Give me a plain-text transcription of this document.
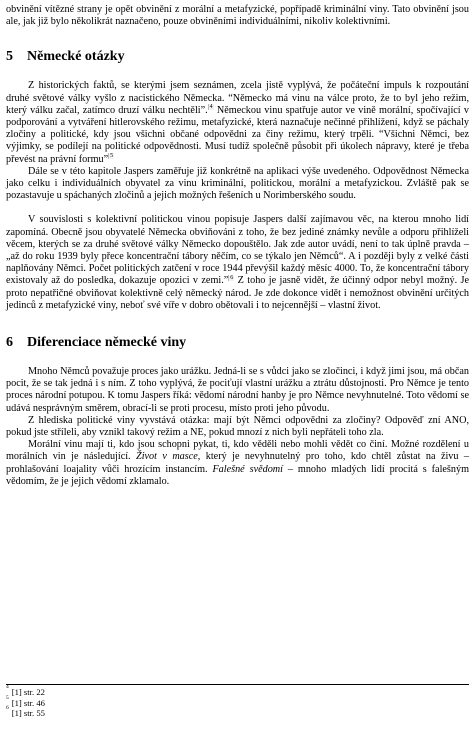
obvinění vítězné strany je opět obvinění z morální a metafyzické, popřípadě kriminální viny. Tato obvinění jsou ale, jak již bylo několikrát naznačeno, pouze obviněními individuálními, nikoliv kolektivními.

5 Německé otázky

Z historických faktů, se kterými jsem seznámen, zcela jistě vyplývá, že počáteční impuls k rozpoutání druhé světové války vyšlo z nacistického Německa. “Německo má vinu na válce proto, že to byl jeho režim, který válku začal, zatímco druzí válku nechtěli”. $^4$ Německou vinu spatřuje autor ve vině morální, spočívající v podporování a vytváření hitlerovského režimu, metafyzické, která naznačuje nečinné přihlížení, když se páchaly zločiny a politické, kdy jsou všichni občané odpovědni za činy režimu, který trpěli. “Všichni Němci, bez výjimky, se podílejí na politické odpovědnosti. Musí tudíž společně působit při úkolech nápravy, které je třeba převést na právní formu” $^5$

Dále se v této kapitole Jaspers zaměřuje již konkrétně na aplikaci výše uvedeného. Odpovědnost Německa jako celku i individuálních obyvatel za vinu kriminální, politickou, morální a metafyzickou. Zvláště pak se pozastavuje u spáchaných zločinů a jejich možných řešeních u Norimberského soudu.

V souvislosti s kolektivní politickou vinou popisuje Jaspers další zajímavou věc, na kterou mnoho lidí zapomíná. Obecně jsou obyvatelé Německa obviňováni z toho, že bez jediné známky nevůle a odporu přihlíželi věcem, kterých se za druhé světové války Německo dopouštělo. Jak zde autor uvádí, není to tak úplně pravda – „až do roku 1939 byly přece koncentrační tábory něčím, co se týkalo jen Němců“. A i později byly z velké části naplňovány Němci. Počet politických zatčení v roce 1944 převýšil každý měsíc 4000. To, že koncentrační tábory existovaly až do posledka, dokazuje opozici v zemi.” $^6$ Z toho je jasně vidět, že účinný odpor nebyl možný. Je proto nepatřičné obviňovat kolektivně celý německý národ. Je zde dokonce vidět i nemožnost obvinění určitých jedinců z metafyzické viny, neboť své víře v dobro obětovali i to nejcennější – vlastní život.

6 Diferenciace německé viny

Mnoho Němců považuje proces jako urážku. Jedná-li se s vůdci jako se zločinci, i když jimi jsou, má občan pocit, že se tak jedná i s ním. Z toho vyplývá, že pociťují vlastní urážku a ztrátu důstojnosti. Pro Němce je tento proces národní potupou. K tomu Jaspers říká: vědomí národní hanby je pro Němce nevyhnutelné. Toto vědomí se udává nesprávným směrem, obrací-li se proti procesu, místo proti jeho původu.

Z hlediska politické viny vyvstává otázka: mají být Němci odpovědni za zločiny? Odpověď zní ANO, pokud jste stříleli, aby vznikl takový režim a NE, pokud mnozí z nich byli nepřáteli toho zla.

Morální vinu mají ti, kdo jsou schopni pykat, ti, kdo věděli nebo mohli vědět co činí. Možné rozdělení u morálních vin je následující. Život v masce, který je nevyhnutelný pro toho, kdo chtěl zůstat na živu – prohlašování loajality vůči hrozícím instancím. Falešné svědomí – mnoho mladých lidí procitá s falešným vědomím, že je jejich vědomí zklamalo.

4 [1] str. 22

5 [1] str. 46

6 [1] str. 55
